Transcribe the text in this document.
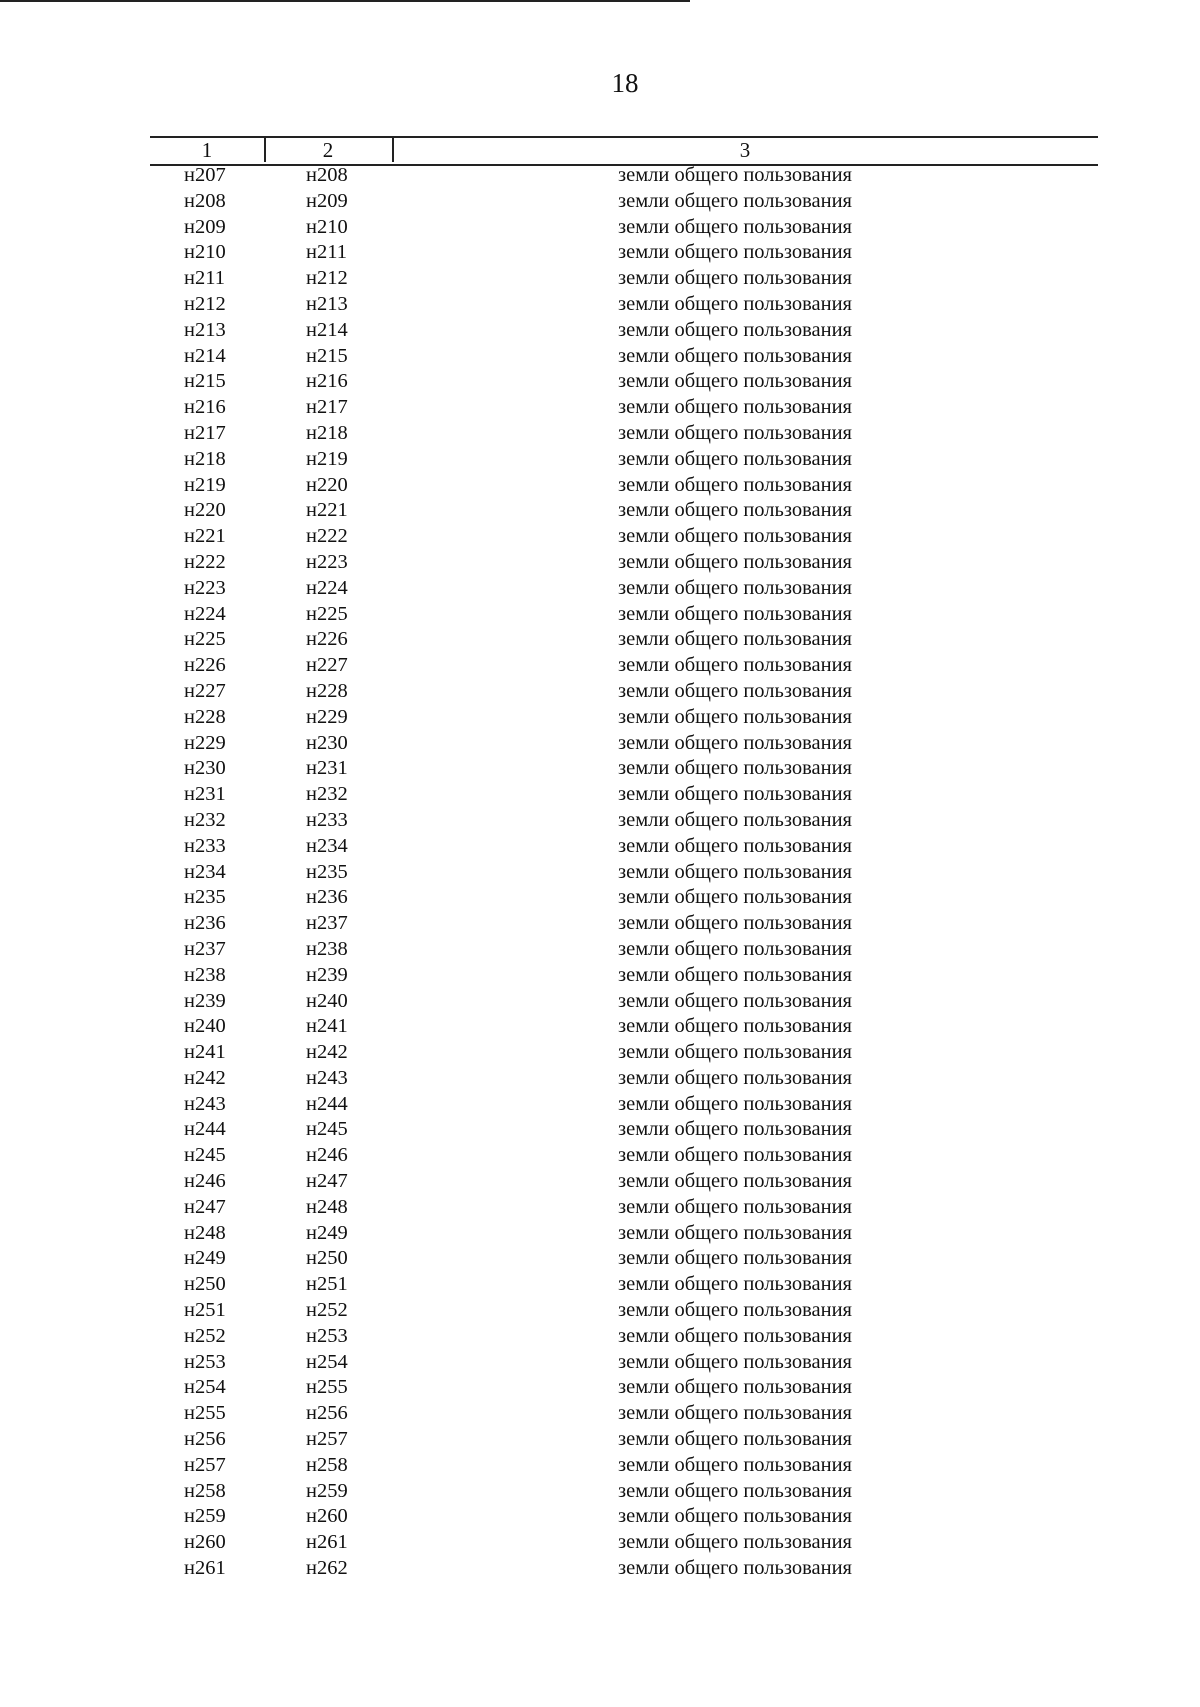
18
1	2	3
н207	н208	земли общего пользования
н208	н209	земли общего пользования
н209	н210	земли общего пользования
н210	н211	земли общего пользования
н211	н212	земли общего пользования
н212	н213	земли общего пользования
н213	н214	земли общего пользования
н214	н215	земли общего пользования
н215	н216	земли общего пользования
н216	н217	земли общего пользования
н217	н218	земли общего пользования
н218	н219	земли общего пользования
н219	н220	земли общего пользования
н220	н221	земли общего пользования
н221	н222	земли общего пользования
н222	н223	земли общего пользования
н223	н224	земли общего пользования
н224	н225	земли общего пользования
н225	н226	земли общего пользования
н226	н227	земли общего пользования
н227	н228	земли общего пользования
н228	н229	земли общего пользования
н229	н230	земли общего пользования
н230	н231	земли общего пользования
н231	н232	земли общего пользования
н232	н233	земли общего пользования
н233	н234	земли общего пользования
н234	н235	земли общего пользования
н235	н236	земли общего пользования
н236	н237	земли общего пользования
н237	н238	земли общего пользования
н238	н239	земли общего пользования
н239	н240	земли общего пользования
н240	н241	земли общего пользования
н241	н242	земли общего пользования
н242	н243	земли общего пользования
н243	н244	земли общего пользования
н244	н245	земли общего пользования
н245	н246	земли общего пользования
н246	н247	земли общего пользования
н247	н248	земли общего пользования
н248	н249	земли общего пользования
н249	н250	земли общего пользования
н250	н251	земли общего пользования
н251	н252	земли общего пользования
н252	н253	земли общего пользования
н253	н254	земли общего пользования
н254	н255	земли общего пользования
н255	н256	земли общего пользования
н256	н257	земли общего пользования
н257	н258	земли общего пользования
н258	н259	земли общего пользования
н259	н260	земли общего пользования
н260	н261	земли общего пользования
н261	н262	земли общего пользования
